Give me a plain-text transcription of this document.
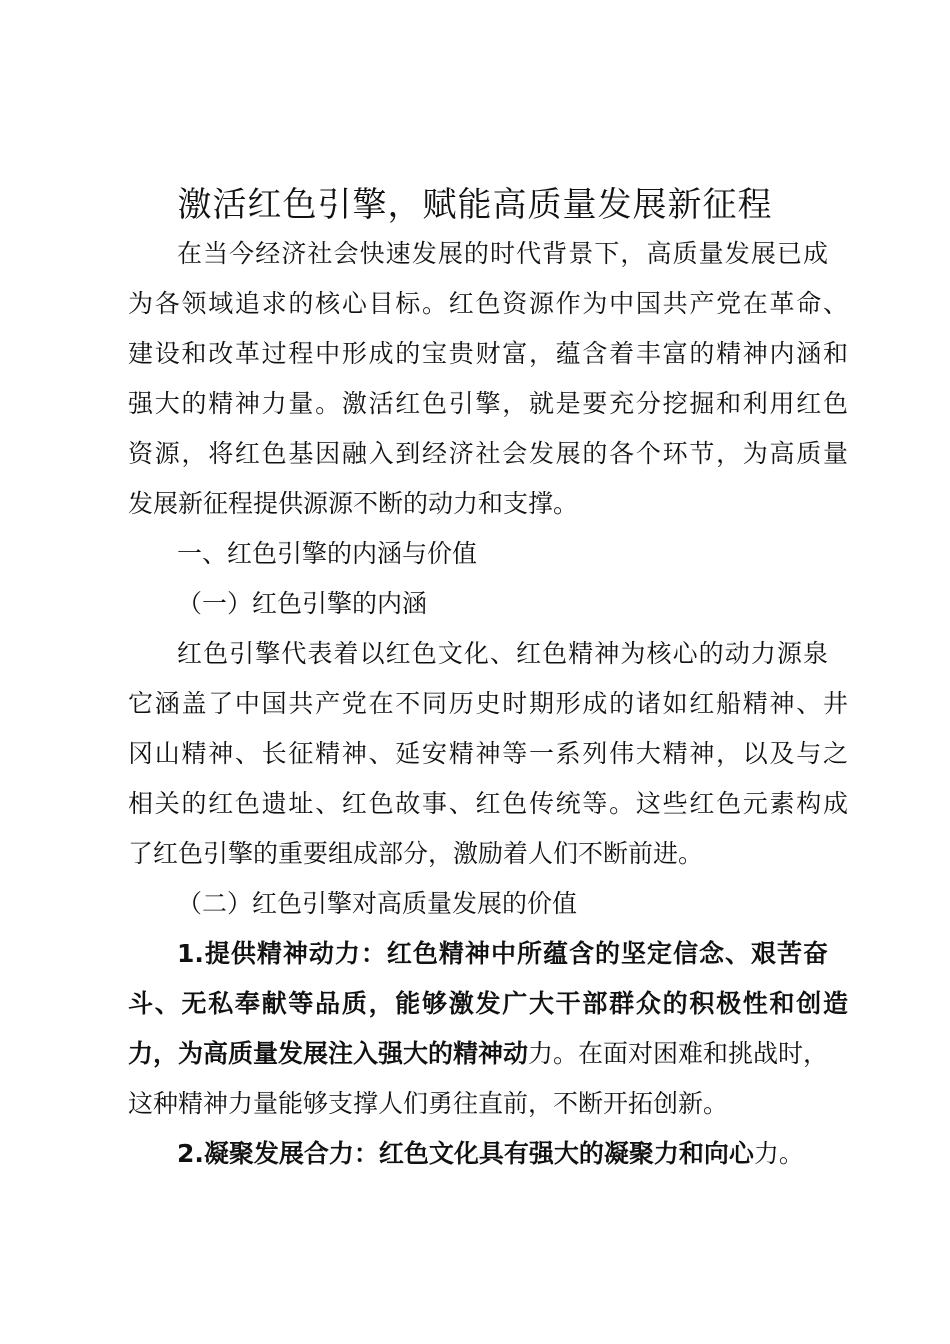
激活红色引擎，赋能高质量发展新征程
在当今经济社会快速发展的时代背景下，高质量发展已成
为各领域追求的核心目标。红色资源作为中国共产党在革命、
建设和改革过程中形成的宝贵财富，蕴含着丰富的精神内涵和
强大的精神力量。激活红色引擎，就是要充分挖掘和利用红色
资源，将红色基因融入到经济社会发展的各个环节，为高质量
发展新征程提供源源不断的动力和支撑。
一、红色引擎的内涵与价值
（一）红色引擎的内涵
红色引擎代表着以红色文化、红色精神为核心的动力源泉
它涵盖了中国共产党在不同历史时期形成的诸如红船精神、井
冈山精神、长征精神、延安精神等一系列伟大精神，以及与之
相关的红色遗址、红色故事、红色传统等。这些红色元素构成
了红色引擎的重要组成部分，激励着人们不断前进。
（二）红色引擎对高质量发展的价值
1.提供精神动力：红色精神中所蕴含的坚定信念、艰苦奋
斗、无私奉献等品质，能够激发广大干部群众的积极性和创造
力，为高质量发展注入强大的精神动力。在面对困难和挑战时，
这种精神力量能够支撑人们勇往直前，不断开拓创新。
2.凝聚发展合力：红色文化具有强大的凝聚力和向心力。
